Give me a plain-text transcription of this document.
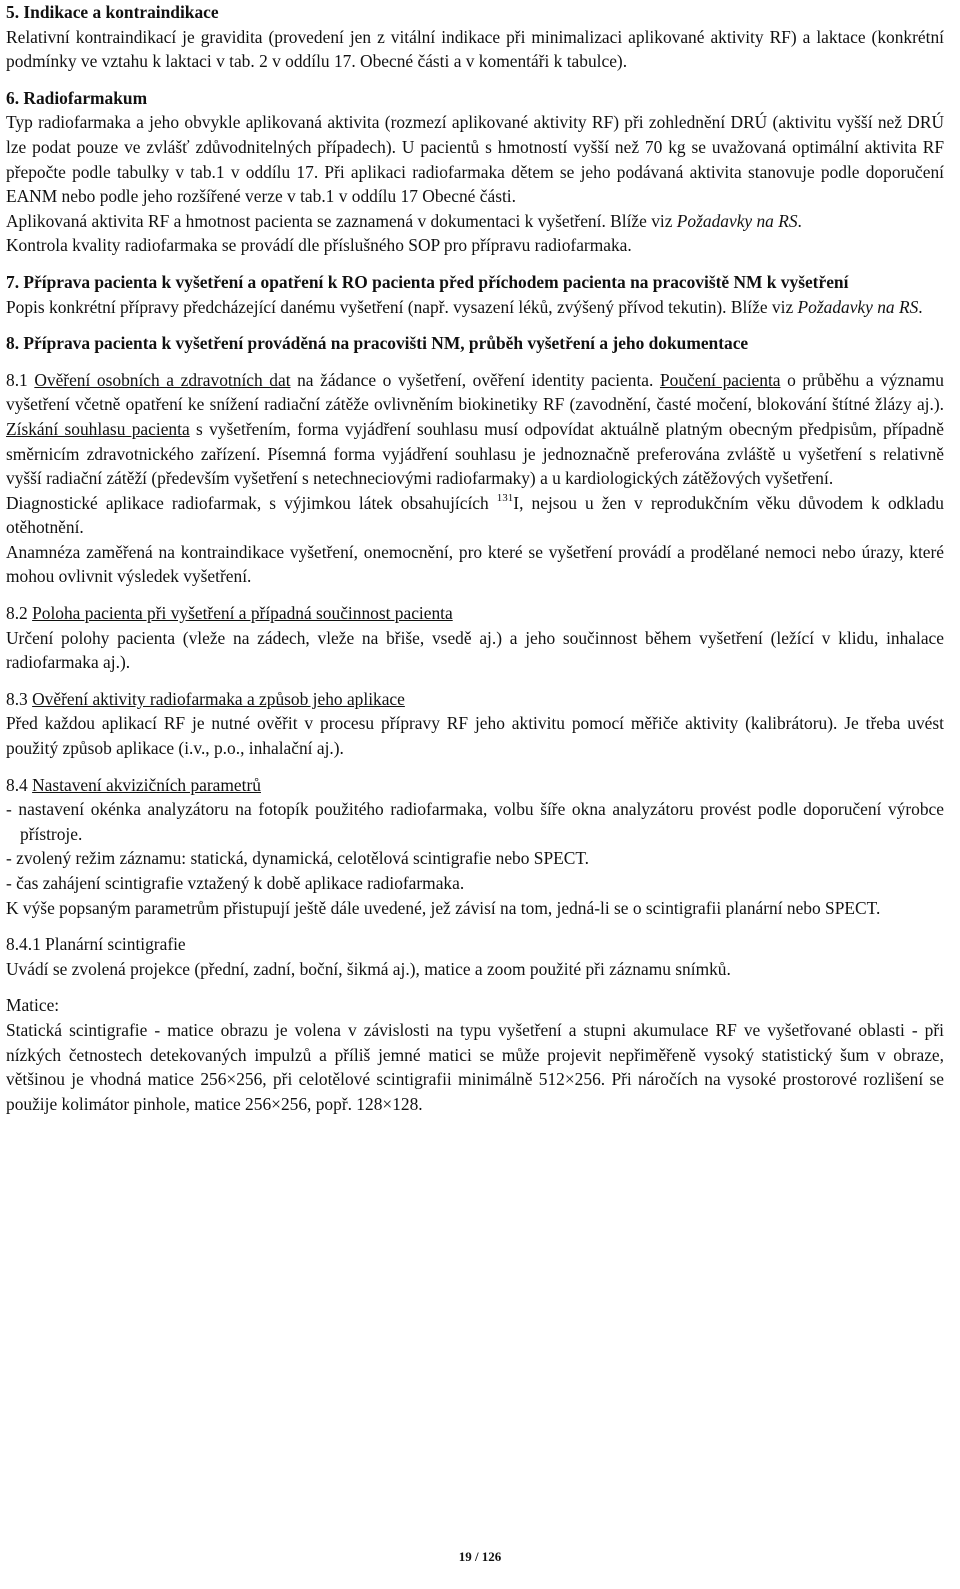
5. Indikace a kontraindikace

Relativní kontraindikací je gravidita (provedení jen z vitální indikace při minimalizaci aplikované aktivity RF) a laktace (konkrétní podmínky ve vztahu k laktaci v tab. 2 v oddílu 17. Obecné části a v komentáři k tabulce).

6. Radiofarmakum

Typ radiofarmaka a jeho obvykle aplikovaná aktivita (rozmezí aplikované aktivity RF) při zohlednění DRÚ (aktivitu vyšší než DRÚ lze podat pouze ve zvlášť zdůvodnitelných případech). U pacientů s hmotností vyšší než 70 kg se uvažovaná optimální aktivita RF přepočte podle tabulky v tab.1 v oddílu 17. Při aplikaci radiofarmaka dětem se jeho podávaná aktivita stanovuje podle doporučení EANM nebo podle jeho rozšířené verze v tab.1 v oddílu 17 Obecné části.

Aplikovaná aktivita RF a hmotnost pacienta se zaznamená v dokumentaci k vyšetření. Blíže viz Požadavky na RS.

Kontrola kvality radiofarmaka se provádí dle příslušného SOP pro přípravu radiofarmaka.

7. Příprava pacienta k vyšetření a opatření k RO pacienta před příchodem pacienta na pracoviště NM k vyšetření

Popis konkrétní přípravy předcházející danému vyšetření (např. vysazení léků, zvýšený přívod tekutin). Blíže viz Požadavky na RS.

8. Příprava pacienta k vyšetření prováděná na pracovišti NM, průběh vyšetření a jeho dokumentace

8.1 Ověření osobních a zdravotních dat na žádance o vyšetření, ověření identity pacienta. Poučení pacienta o průběhu a významu vyšetření včetně opatření ke snížení radiační zátěže ovlivněním biokinetiky RF (zavodnění, časté močení, blokování štítné žlázy aj.). Získání souhlasu pacienta s vyšetřením, forma vyjádření souhlasu musí odpovídat aktuálně platným obecným předpisům, případně směrnicím zdravotnického zařízení. Písemná forma vyjádření souhlasu je jednoznačně preferována zvláště u vyšetření s relativně vyšší radiační zátěží (především vyšetření s netechneciovými radiofarmaky) a u kardiologických zátěžových vyšetření.

Diagnostické aplikace radiofarmak, s výjimkou látek obsahujících $^{131}$I, nejsou u žen v reprodukčním věku důvodem k odkladu otěhotnění.

Anamnéza zaměřená na kontraindikace vyšetření, onemocnění, pro které se vyšetření provádí a prodělané nemoci nebo úrazy, které mohou ovlivnit výsledek vyšetření.

8.2 Poloha pacienta při vyšetření a případná součinnost pacienta

Určení polohy pacienta (vleže na zádech, vleže na břiše, vsedě aj.) a jeho součinnost během vyšetření (ležící v klidu, inhalace radiofarmaka aj.).

8.3 Ověření aktivity radiofarmaka a způsob jeho aplikace

Před každou aplikací RF je nutné ověřit v procesu přípravy RF jeho aktivitu pomocí měřiče aktivity (kalibrátoru). Je třeba uvést použitý způsob aplikace (i.v., p.o., inhalační aj.).

8.4 Nastavení akvizičních parametrů

- nastavení okénka analyzátoru na fotopík použitého radiofarmaka, volbu šíře okna analyzátoru provést podle doporučení výrobce přístroje.

- zvolený režim záznamu: statická, dynamická, celotělová scintigrafie nebo SPECT.

- čas zahájení scintigrafie vztažený k době aplikace radiofarmaka.

K výše popsaným parametrům přistupují ještě dále uvedené, jež závisí na tom, jedná-li se o scintigrafii planární nebo SPECT.

8.4.1 Planární scintigrafie

Uvádí se zvolená projekce (přední, zadní, boční, šikmá aj.), matice a zoom použité při záznamu snímků.

Matice:

Statická scintigrafie - matice obrazu je volena v závislosti na typu vyšetření a stupni akumulace RF ve vyšetřované oblasti - při nízkých četnostech detekovaných impulzů a příliš jemné matici se může projevit nepřiměřeně vysoký statistický šum v obraze, většinou je vhodná matice 256×256, při celotělové scintigrafii minimálně 512×256. Při náročích na vysoké prostorové rozlišení se použije kolimátor pinhole, matice 256×256, popř. 128×128.

19 / 126
